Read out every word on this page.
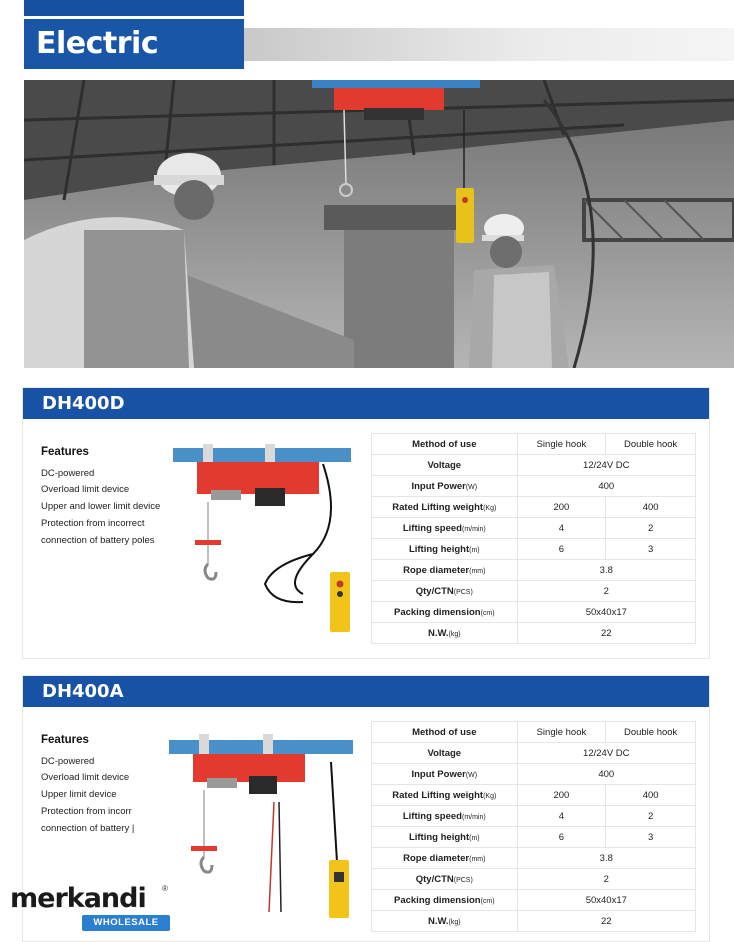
Electric
DH400D
Features
DC-powered
Overload limit device
Upper and lower limit device
Protection from incorrect
connection of battery poles
Method of use	Single hook	Double hook
Voltage	12/24V DC	
Input Power(W)	400	
Rated Lifting weight(Kg)	200	400
Lifting speed(m/min)	4	2
Lifting height(m)	6	3
Rope diameter(mm)	3.8	
Qty/CTN(PCS)	2	
Packing dimension(cm)	50x40x17	
N.W.(kg)	22	
DH400A
Features
DC-powered
Overload limit device
Upper limit device
Protection from incorr
connection of battery |
Method of use	Single hook	Double hook
Voltage	12/24V DC	
Input Power(W)	400	
Rated Lifting weight(Kg)	200	400
Lifting speed(m/min)	4	2
Lifting height(m)	6	3
Rope diameter(mm)	3.8	
Qty/CTN(PCS)	2	
Packing dimension(cm)	50x40x17	
N.W.(kg)	22	
merkandi	®
WHOLESALE
